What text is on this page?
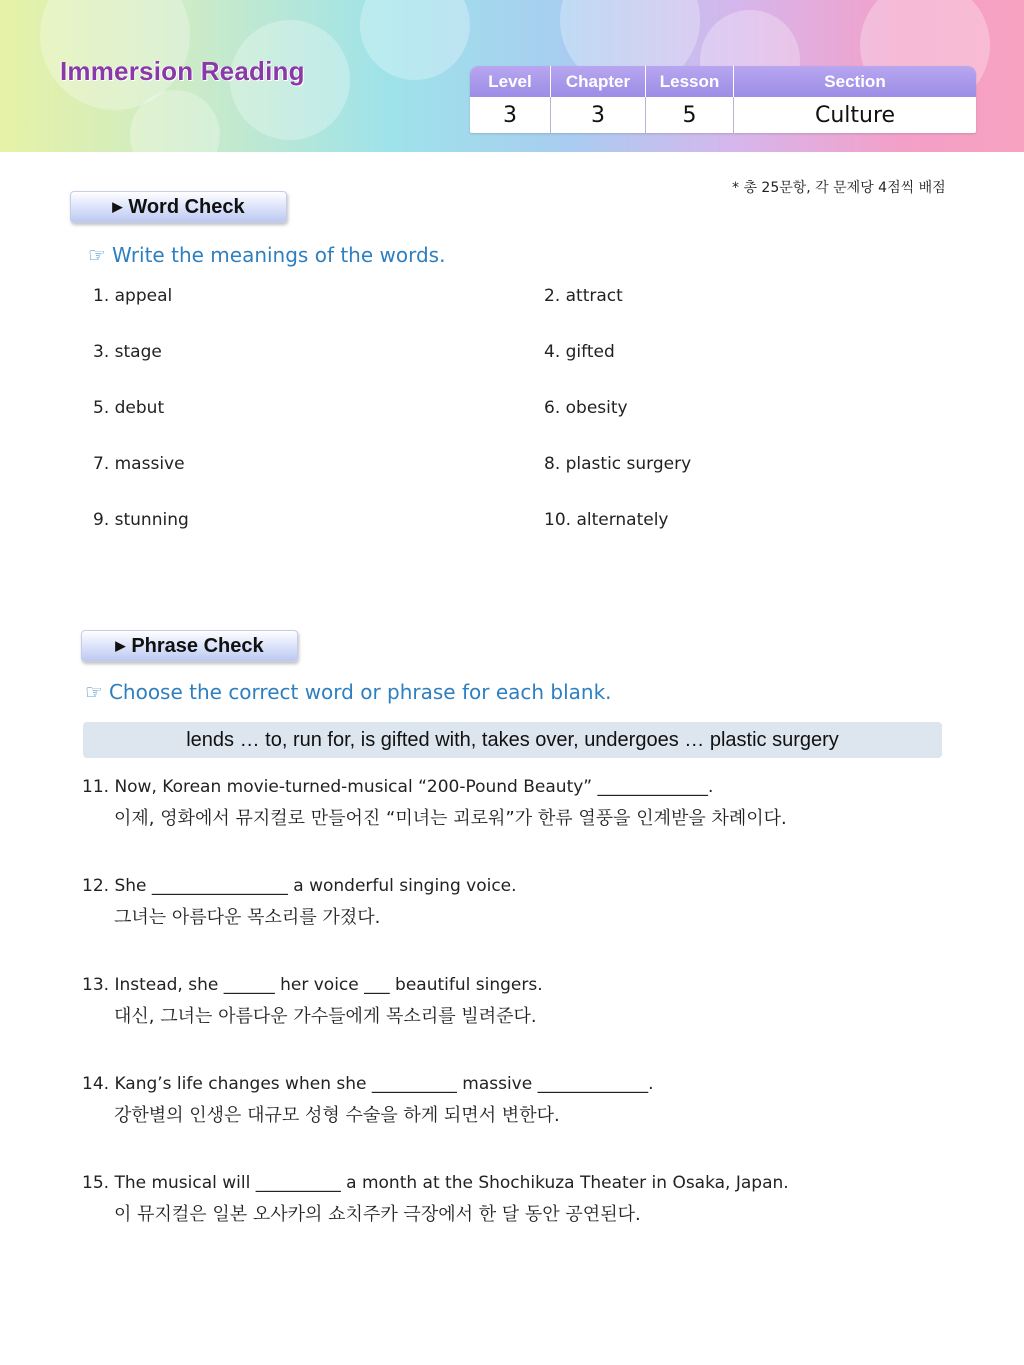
Immersion Reading	Level	Chapter	Lesson	Section
3	3	5	Culture
* 총 25문항, 각 문제당 4점씩 배점
▶ Word Check
☞ Write the meanings of the words.
1. appeal	2. attract
3. stage	4. gifted
5. debut	6. obesity
7. massive	8. plastic surgery
9. stunning	10. alternately
▶ Phrase Check
☞ Choose the correct word or phrase for each blank.
lends … to, run for, is gifted with, takes over, undergoes … plastic surgery
11. Now, Korean movie-turned-musical “200-Pound Beauty” _____________.
이제, 영화에서 뮤지컬로 만들어진 “미녀는 괴로워”가 한류 열풍을 인계받을 차례이다.
12. She ________________ a wonderful singing voice.
그녀는 아름다운 목소리를 가졌다.
13. Instead, she ______ her voice ___ beautiful singers.
대신, 그녀는 아름다운 가수들에게 목소리를 빌려준다.
14. Kang’s life changes when she __________ massive _____________.
강한별의 인생은 대규모 성형 수술을 하게 되면서 변한다.
15. The musical will __________ a month at the Shochikuza Theater in Osaka, Japan.
이 뮤지컬은 일본 오사카의 쇼치주카 극장에서 한 달 동안 공연된다.
